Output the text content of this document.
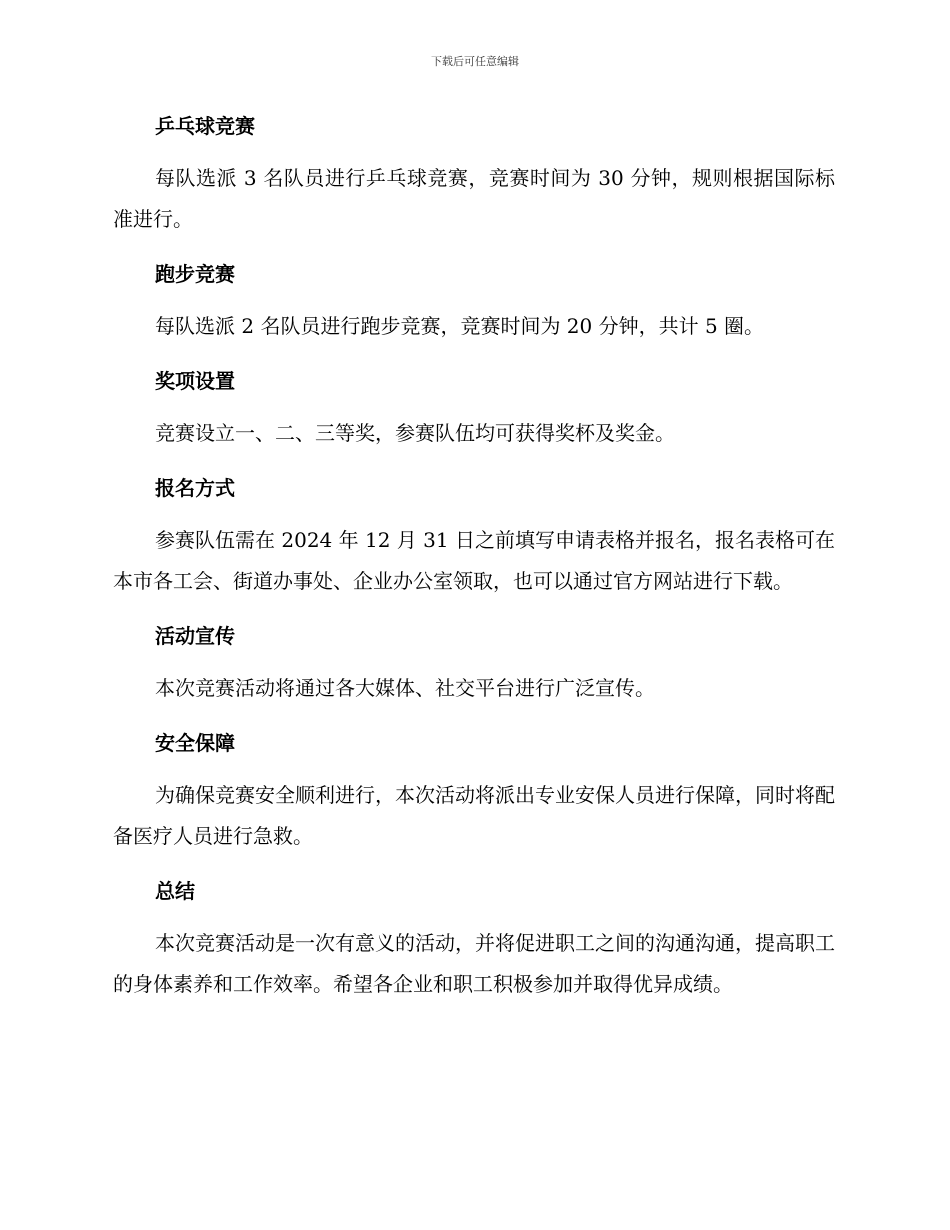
下载后可任意编辑
乒乓球竞赛

每队选派 3 名队员进行乒乓球竞赛，竞赛时间为 30 分钟，规则根据国际标准进行。

跑步竞赛

每队选派 2 名队员进行跑步竞赛，竞赛时间为 20 分钟，共计 5 圈。

奖项设置

竞赛设立一、二、三等奖，参赛队伍均可获得奖杯及奖金。

报名方式

参赛队伍需在 2024 年 12 月 31 日之前填写申请表格并报名，报名表格可在本市各工会、街道办事处、企业办公室领取，也可以通过官方网站进行下载。

活动宣传

本次竞赛活动将通过各大媒体、社交平台进行广泛宣传。

安全保障

为确保竞赛安全顺利进行，本次活动将派出专业安保人员进行保障，同时将配备医疗人员进行急救。

总结

本次竞赛活动是一次有意义的活动，并将促进职工之间的沟通沟通，提高职工的身体素养和工作效率。希望各企业和职工积极参加并取得优异成绩。
